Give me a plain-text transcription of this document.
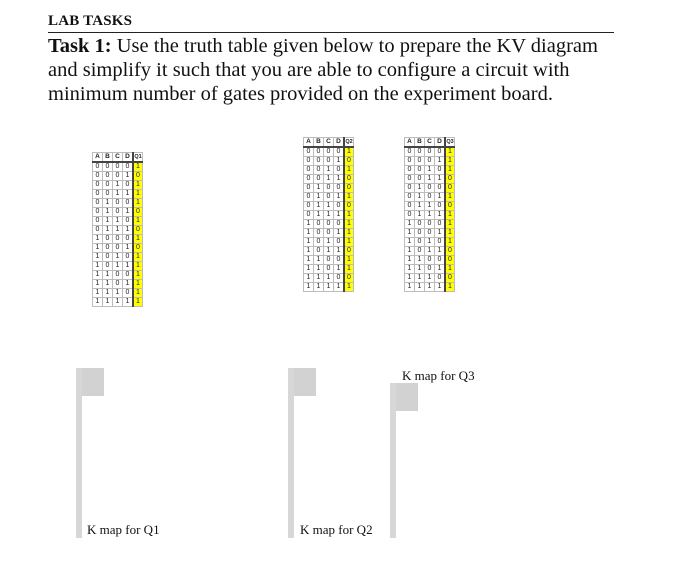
LAB TASKS
Task 1: Use the truth table given below to prepare the KV diagram and simplify it such that you are able to configure a circuit with minimum number of gates provided on the experiment board.
A	B	C	D	Q1
0	0	0	0	1
0	0	0	1	0
0	0	1	0	1
0	0	1	1	1
0	1	0	0	1
0	1	0	1	0
0	1	1	0	1
0	1	1	1	0
1	0	0	0	1
1	0	0	1	0
1	0	1	0	1
1	0	1	1	1
1	1	0	0	1
1	1	0	1	1
1	1	1	0	1
1	1	1	1	1
A	B	C	D	Q2
0	0	0	0	1
0	0	0	1	0
0	0	1	0	1
0	0	1	1	0
0	1	0	0	0
0	1	0	1	1
0	1	1	0	0
0	1	1	1	1
1	0	0	0	1
1	0	0	1	1
1	0	1	0	1
1	0	1	1	0
1	1	0	0	1
1	1	0	1	1
1	1	1	0	0
1	1	1	1	1
A	B	C	D	Q3
0	0	0	0	1
0	0	0	1	1
0	0	1	0	1
0	0	1	1	0
0	1	0	0	0
0	1	0	1	1
0	1	1	0	0
0	1	1	1	1
1	0	0	0	1
1	0	0	1	1
1	0	1	0	1
1	0	1	1	0
1	1	0	0	0
1	1	0	1	1
1	1	1	0	0
1	1	1	1	1
K map for Q1	K map for Q2
K map for Q3
